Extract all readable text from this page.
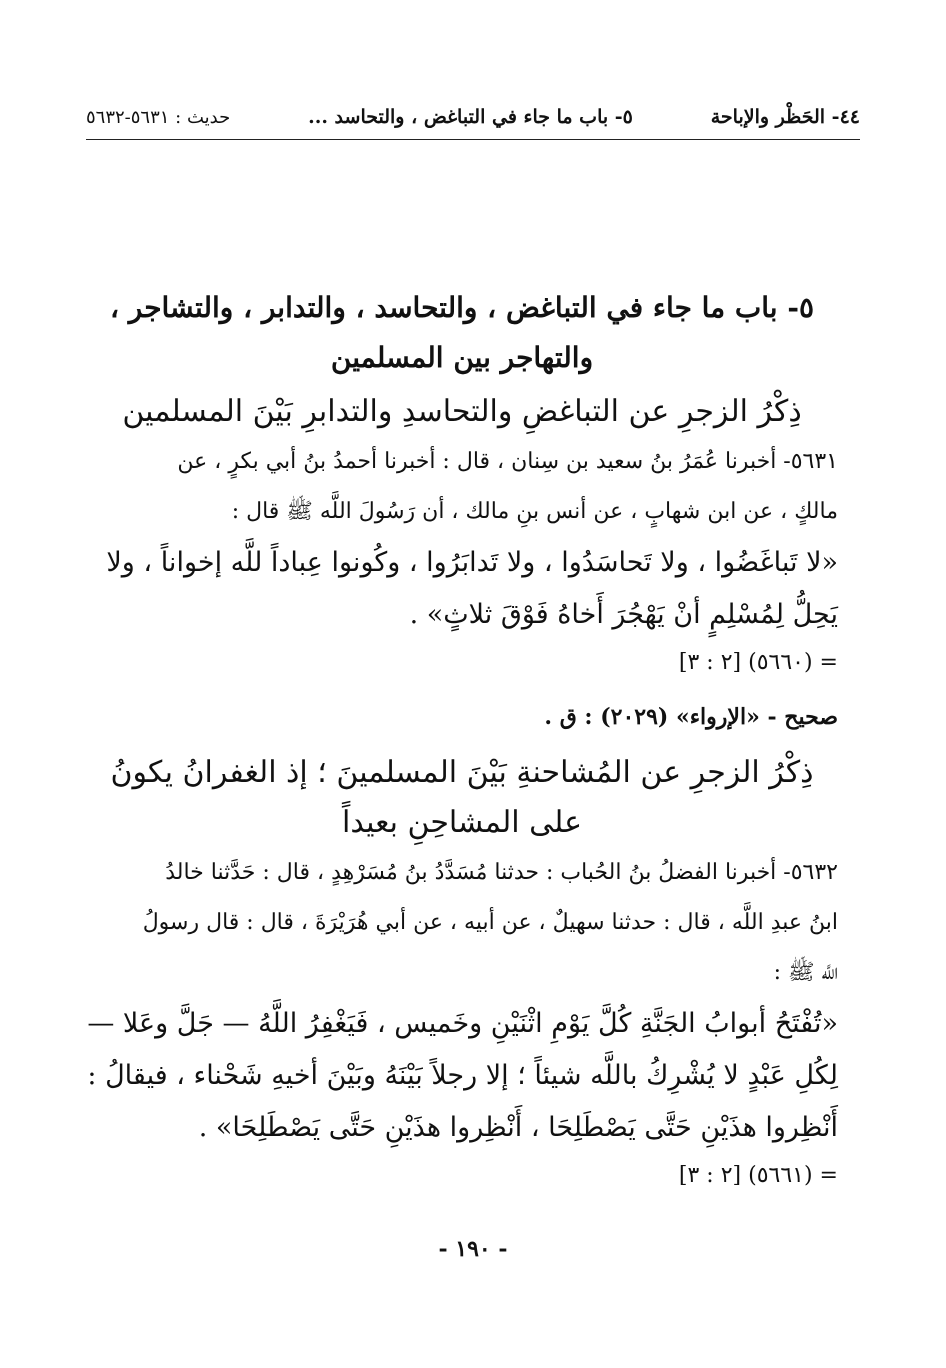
٤٤- الحَظْر والإباحة
٥- باب ما جاء في التباغض ، والتحاسد ...
حديث : ٥٦٣١-٥٦٣٢
٥- باب ما جاء في التباغض ، والتحاسد ، والتدابر ، والتشاجر ،
والتهاجر بين المسلمين
ذِكْرُ الزجرِ عن التباغضِ والتحاسدِ والتدابرِ بَيْنَ المسلمين
٥٦٣١- أخبرنا عُمَرُ بنُ سعيد بن سِنان ، قال : أخبرنا أحمدُ بنُ أبي بكرٍ ، عن
مالكٍ ، عن ابن شهابٍ ، عن أنس بنِ مالك ، أن رَسُولَ اللَّه ﷺ قال :
«لا تَباغَضُوا ، ولا تَحاسَدُوا ، ولا تَدابَرُوا ، وكُونوا عِباداً للَّه إخواناً ، ولا
يَحِلُّ لِمُسْلِمٍ أنْ يَهْجُرَ أَخاهُ فَوْقَ ثلاثٍ» .
= (٥٦٦٠) [٢ : ٣]
صحيح - «الإرواء» (٢٠٢٩) : ق .
ذِكْرُ الزجرِ عن المُشاحنةِ بَيْنَ المسلمينَ ؛ إذ الغفرانُ يكونُ
على المشاحِنِ بعيداً
٥٦٣٢- أخبرنا الفضلُ بنُ الحُباب : حدثنا مُسَدَّدُ بنُ مُسَرْهِدٍ ، قال : حَدَّثنا خالدُ
ابنُ عبدِ اللَّه ، قال : حدثنا سهيلٌ ، عن أبيه ، عن أبي هُرَيْرَةَ ، قال : قال رسولُ
اللَّه ﷺ :
«تُفْتَحُ أبوابُ الجَنَّةِ كُلَّ يَوْمِ اثْنَيْنِ وخَميس ، فَيَغْفِرُ اللَّهُ — جَلَّ وعَلا —
لِكُلِ عَبْدٍ لا يُشْرِكُ باللَّه شيئاً ؛ إلا رجلاً بَيْنَهُ وبَيْنَ أخيهِ شَحْناء ، فيقالُ :
أَنْظِروا هذَيْنِ حَتَّى يَصْطَلِحَا ، أَنْظِروا هذَيْنِ حَتَّى يَصْطَلِحَا» .
= (٥٦٦١) [٢ : ٣]
- ١٩٠ -
